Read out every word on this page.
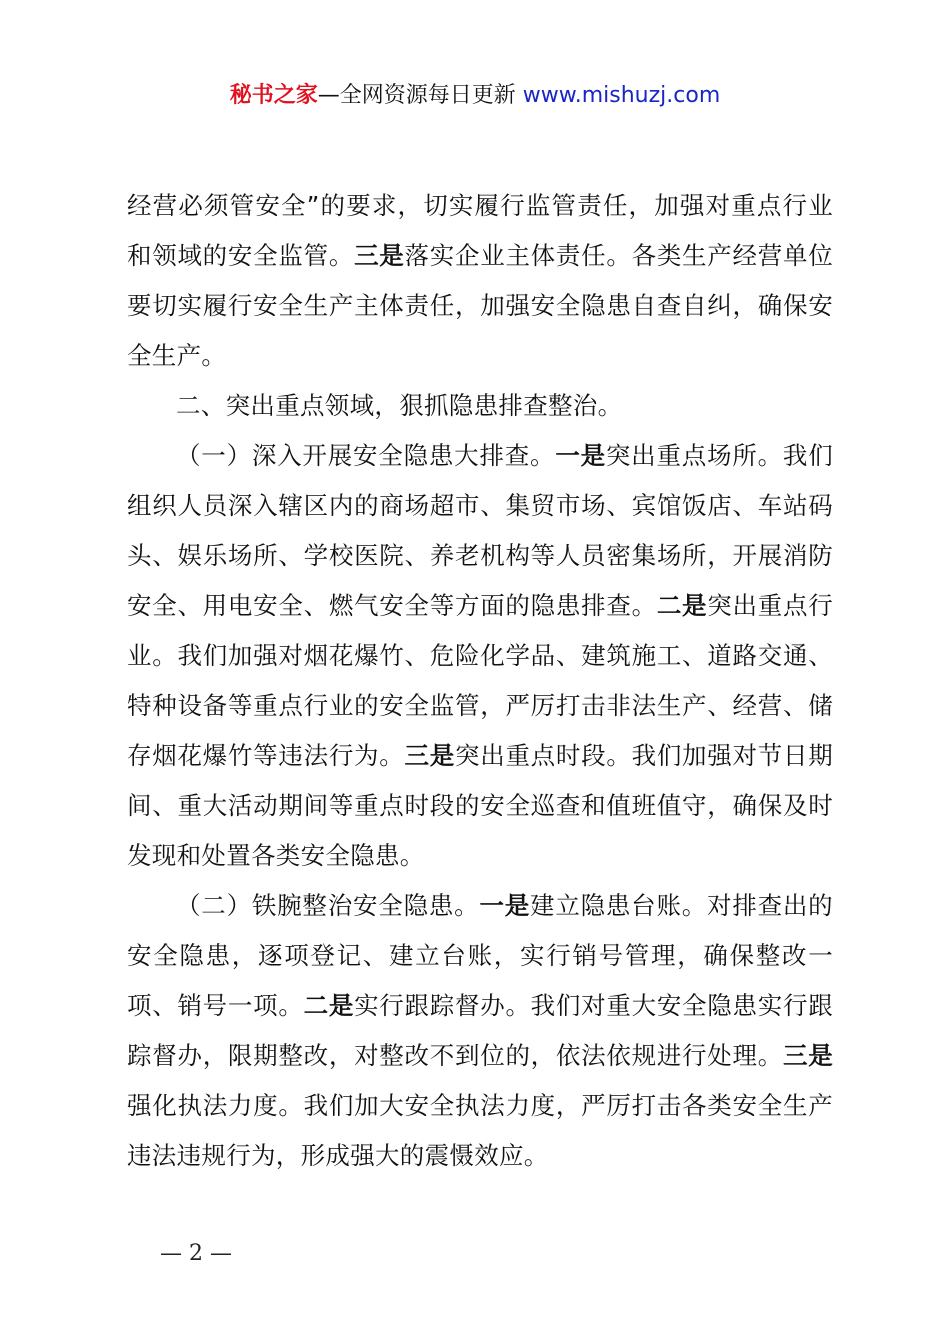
秘书之家—全网资源每日更新 www.mishuzj.com

经营必须管安全”的要求，切实履行监管责任，加强对重点行业和领域的安全监管。三是落实企业主体责任。各类生产经营单位要切实履行安全生产主体责任，加强安全隐患自查自纠，确保安全生产。

二、突出重点领域，狠抓隐患排查整治。

（一）深入开展安全隐患大排查。一是突出重点场所。我们组织人员深入辖区内的商场超市、集贸市场、宾馆饭店、车站码头、娱乐场所、学校医院、养老机构等人员密集场所，开展消防安全、用电安全、燃气安全等方面的隐患排查。二是突出重点行业。我们加强对烟花爆竹、危险化学品、建筑施工、道路交通、特种设备等重点行业的安全监管，严厉打击非法生产、经营、储存烟花爆竹等违法行为。三是突出重点时段。我们加强对节日期间、重大活动期间等重点时段的安全巡查和值班值守，确保及时发现和处置各类安全隐患。

（二）铁腕整治安全隐患。一是建立隐患台账。对排查出的安全隐患，逐项登记、建立台账，实行销号管理，确保整改一项、销号一项。二是实行跟踪督办。我们对重大安全隐患实行跟踪督办，限期整改，对整改不到位的，依法依规进行处理。三是强化执法力度。我们加大安全执法力度，严厉打击各类安全生产违法违规行为，形成强大的震慑效应。

— 2 —
